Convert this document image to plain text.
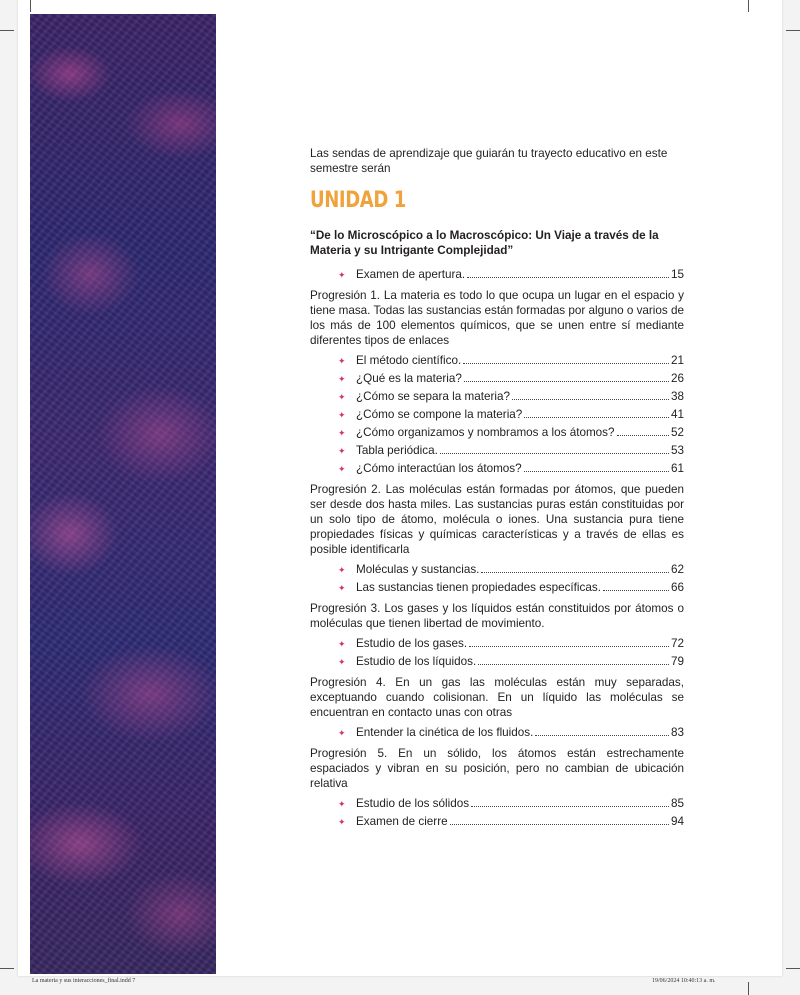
Las sendas de aprendizaje que guiarán tu trayecto educativo en este semestre serán

UNIDAD 1

“De lo Microscópico a lo Macroscópico: Un Viaje a través de la Materia y su Intrigante Complejidad”

✦ Examen de apertura.	15

Progresión 1. La materia es todo lo que ocupa un lugar en el espacio y tiene masa. Todas las sustancias están formadas por alguno o varios de los más de 100 elementos químicos, que se unen entre sí mediante diferentes tipos de enlaces

✦ El método científico.	21
✦ ¿Qué es la materia?	26
✦ ¿Cómo se separa la materia?	38
✦ ¿Cómo se compone la materia?	41
✦ ¿Cómo organizamos y nombramos a los átomos?	52
✦ Tabla periódica.	53
✦ ¿Cómo interactúan los átomos?	61

Progresión 2. Las moléculas están formadas por átomos, que pueden ser desde dos hasta miles. Las sustancias puras están constituidas por un solo tipo de átomo, molécula o iones. Una sustancia pura tiene propiedades físicas y químicas características y a través de ellas es posible identificarla

✦ Moléculas y sustancias.	62
✦ Las sustancias tienen propiedades específicas.	66

Progresión 3. Los gases y los líquidos están constituidos por átomos o moléculas que tienen libertad de movimiento.

✦ Estudio de los gases.	72
✦ Estudio de los líquidos.	79

Progresión 4. En un gas las moléculas están muy separadas, exceptuando cuando colisionan. En un líquido las moléculas se encuentran en contacto unas con otras

✦ Entender la cinética de los fluidos.	83

Progresión 5. En un sólido, los átomos están estrechamente espaciados y vibran en su posición, pero no cambian de ubicación relativa

✦ Estudio de los sólidos	85
✦ Examen de cierre	94
La materia y sus interacciones_final.indd 7	19/06/2024 10:40:13 a. m.
